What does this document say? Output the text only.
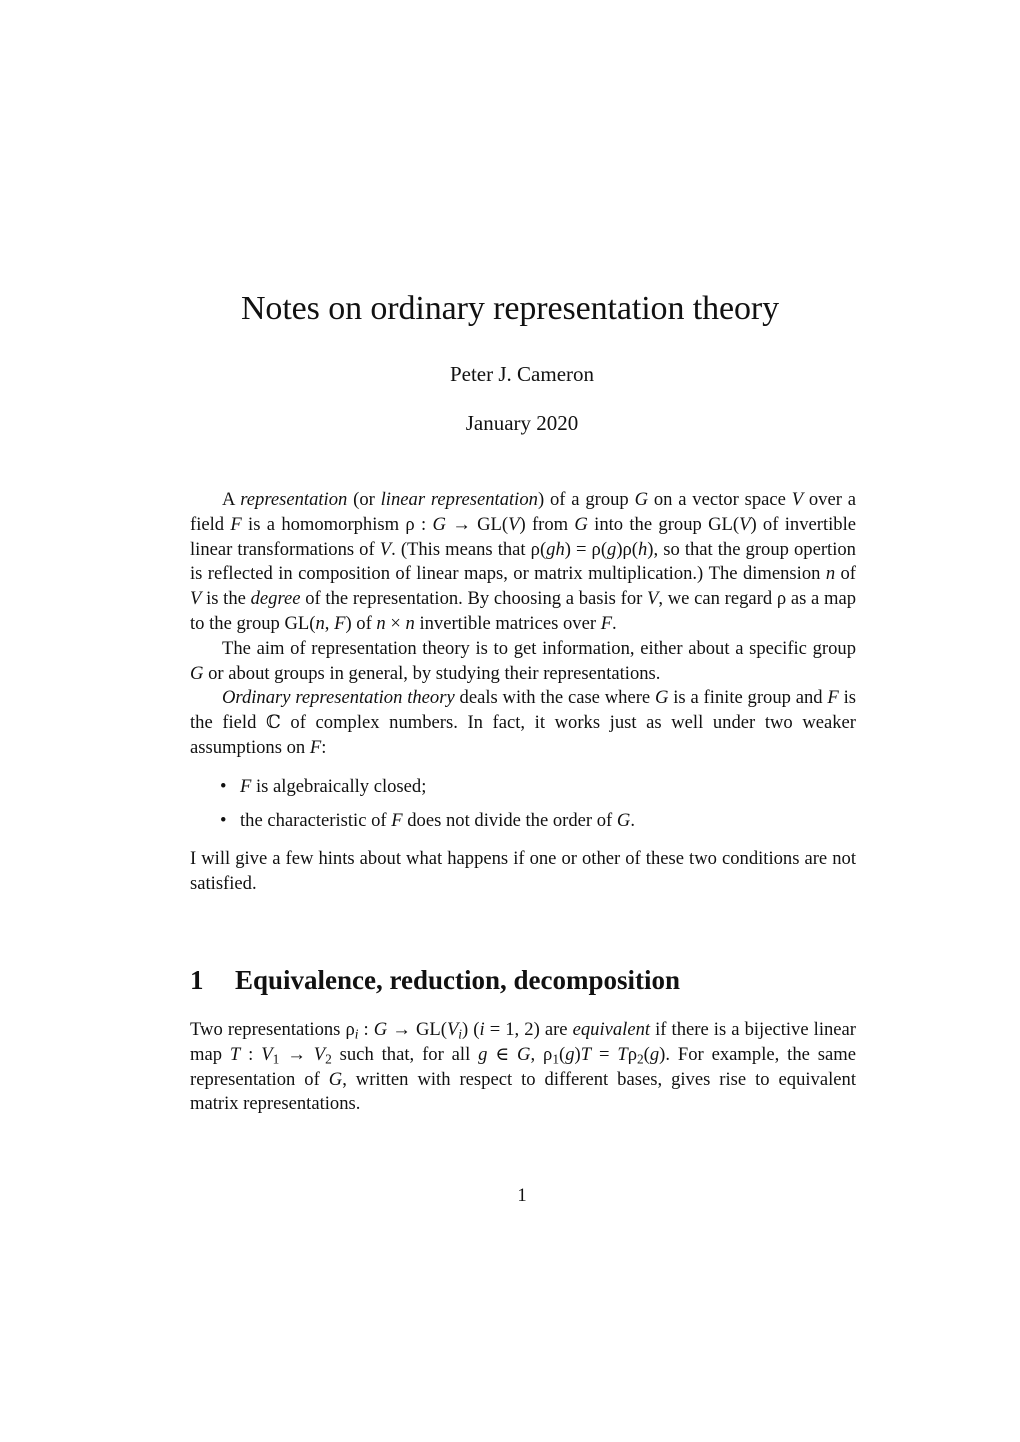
Notes on ordinary representation theory
Peter J. Cameron
January 2020

A representation (or linear representation) of a group G on a vector space V over a field F is a homomorphism ρ : G → GL(V) from G into the group GL(V) of invertible linear transformations of V. (This means that ρ(gh) = ρ(g)ρ(h), so that the group opertion is reflected in composition of linear maps, or matrix multiplication.) The dimension n of V is the degree of the representation. By choosing a basis for V, we can regard ρ as a map to the group GL(n, F) of n × n invertible matrices over F.

The aim of representation theory is to get information, either about a specific group G or about groups in general, by studying their representations.

Ordinary representation theory deals with the case where G is a finite group and F is the field ℂ of complex numbers. In fact, it works just as well under two weaker assumptions on F:

• F is algebraically closed;
• the characteristic of F does not divide the order of G.

I will give a few hints about what happens if one or other of these two conditions are not satisfied.

1 Equivalence, reduction, decomposition

Two representations $\rho_i$ : $G \to GL(V_i) (i = 1$, 2) are equivalent if there is a bijective linear map T : $V_1 \to V_2$ such that, for all g ∈ G, $\rho_1(g)T = T\rho_2(g)$. For example, the same representation of G, written with respect to different bases, gives rise to equivalent matrix representations.

1
